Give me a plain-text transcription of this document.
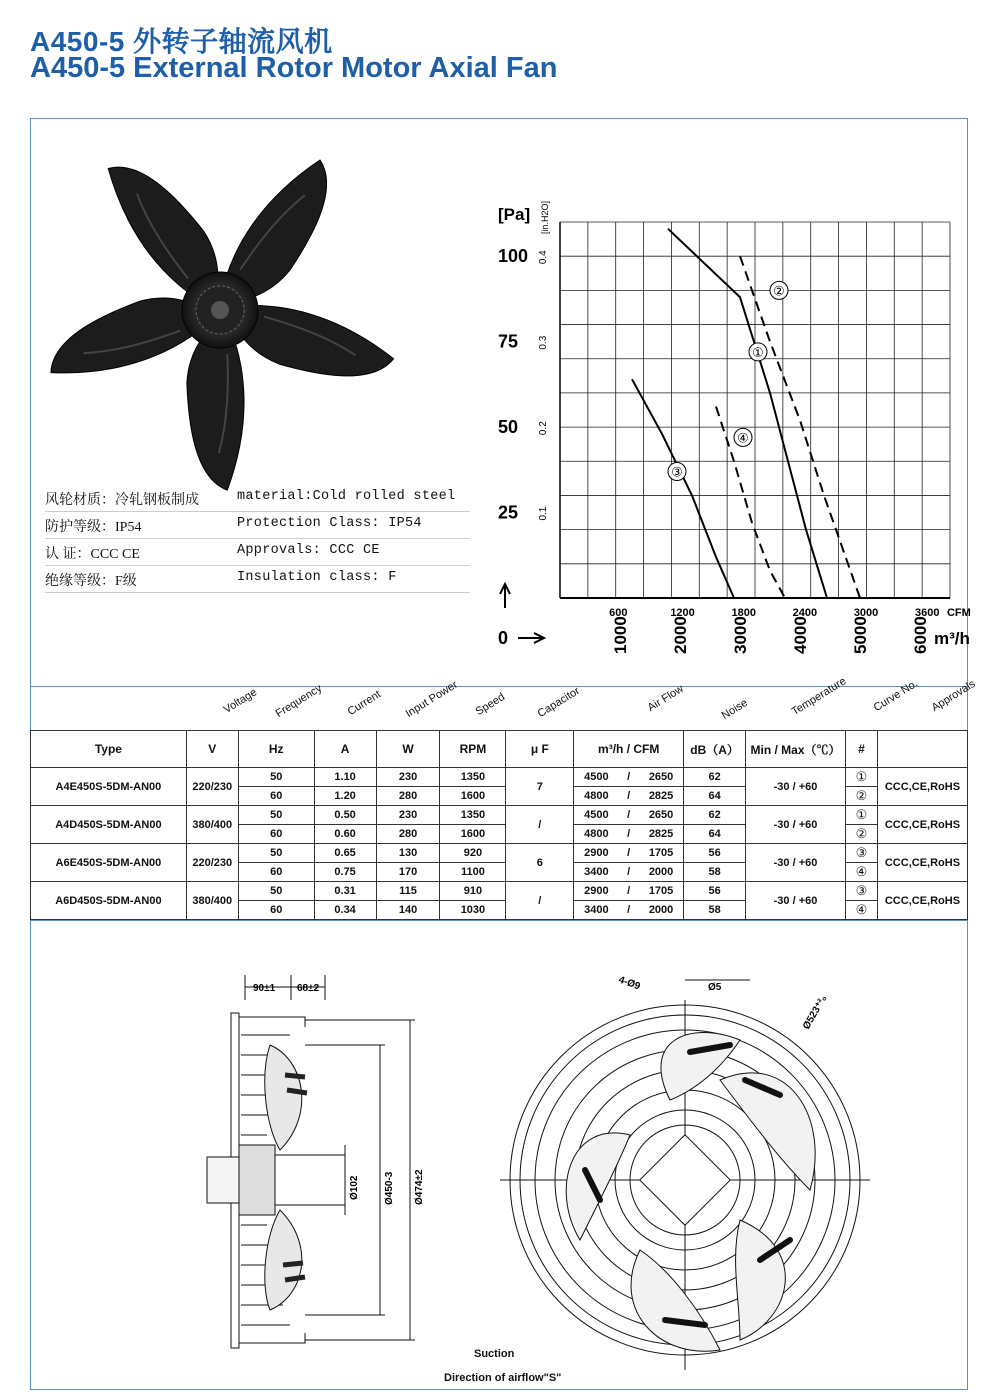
A450-5 外转子轴流风机
A450-5 External Rotor Motor Axial Fan
风轮材质：冷轧钢板制成	material:Cold rolled steel
防护等级：IP54	Protection Class: IP54
认 证：CCC CE	Approvals: CCC CE
绝缘等级：F级	Insulation class: F
100
75
50
25
0.4
0.3
0.2
0.1
[Pa] [in.H2O]
600	1200	1800	2400	3000	3600 CFM
1000 2000 3000 4000 5000 6000 m³/h
0
①
②
③
④
Voltage Frequency Current Input Power Speed	Capacitor	Air Flow	Noise	Temperature Curve No. Approvals
Type	V	Hz	A	W	RPM	μ F	m³/h / CFM	dB（A）	Min / Max（℃）	#	
A4E450S-5DM-AN00	220/230	50	1.10	230	1350	7	4500 / 2650	62	-30 / +60	①	CCC,CE,RoHS
		60	1.20	280	1600		4800 / 2825	64		②	
A4D450S-5DM-AN00	380/400	50	0.50	230	1350	/	4500 / 2650	62	-30 / +60	①	CCC,CE,RoHS
		60	0.60	280	1600		4800 / 2825	64		②	
A6E450S-5DM-AN00	220/230	50	0.65	130	920	6	2900 / 1705	56	-30 / +60	③	CCC,CE,RoHS
		60	0.75	170	1100		3400 / 2000	58		④	
A6D450S-5DM-AN00	380/400	50	0.31	115	910	/	2900 / 1705	56	-30 / +60	③	CCC,CE,RoHS
		60	0.34	140	1030		3400 / 2000	58		④	
90±1 68±2
Ø102 Ø450-3 Ø474±2
4-Ø9	Ø5
Ø523⁺²₀
Suction
Direction of airflow"S"
